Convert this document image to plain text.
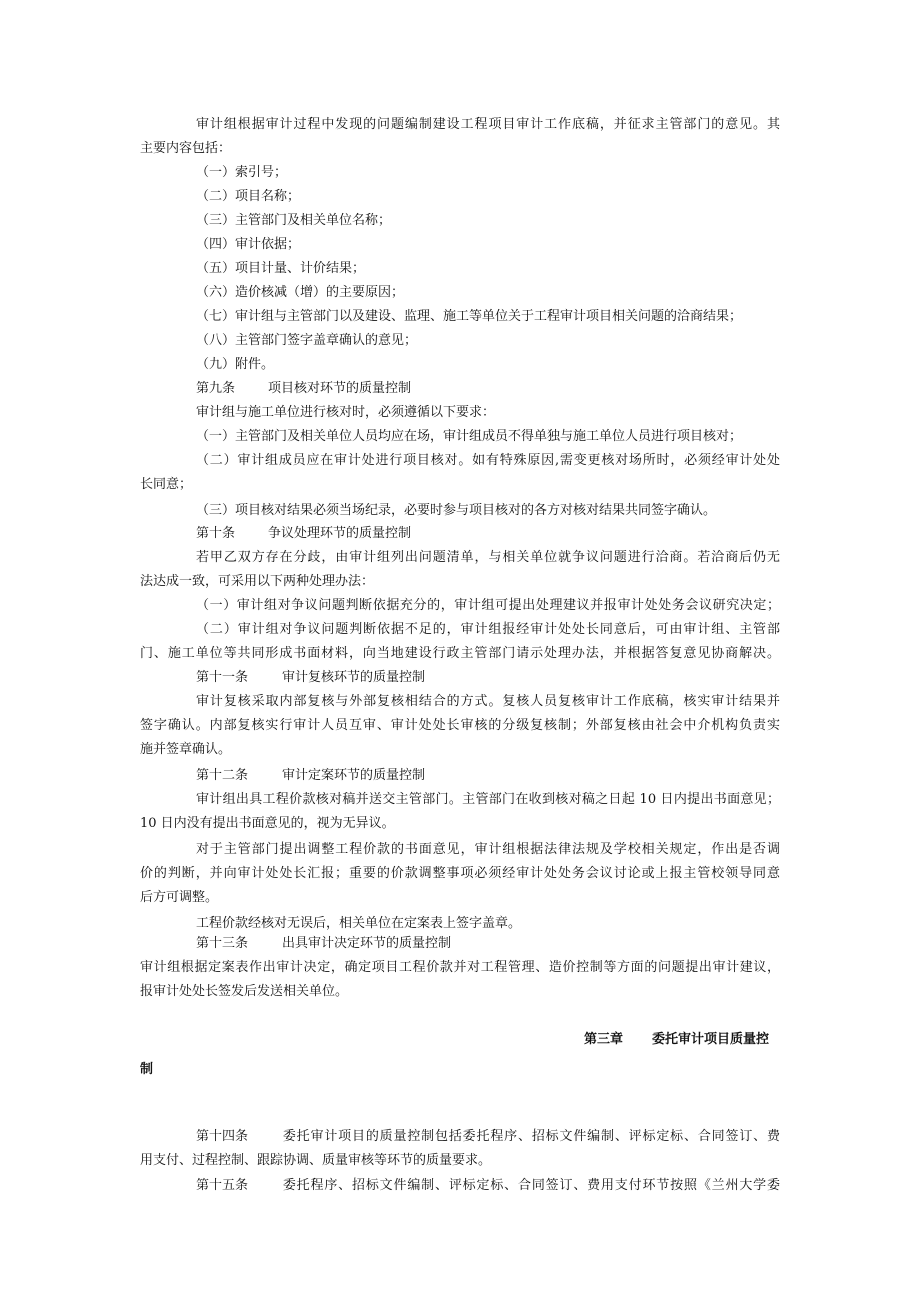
审计组根据审计过程中发现的问题编制建设工程项目审计工作底稿，并征求主管部门的意见。其
主要内容包括：
（一）索引号；
（二）项目名称；
（三）主管部门及相关单位名称；
（四）审计依据；
（五）项目计量、计价结果；
（六）造价核减（增）的主要原因；
（七）审计组与主管部门以及建设、监理、施工等单位关于工程审计项目相关问题的洽商结果；
（八）主管部门签字盖章确认的意见；
（九）附件。
第九条	项目核对环节的质量控制
审计组与施工单位进行核对时，必须遵循以下要求：
（一）主管部门及相关单位人员均应在场，审计组成员不得单独与施工单位人员进行项目核对；
（二）审计组成员应在审计处进行项目核对。如有特殊原因,需变更核对场所时，必须经审计处处
长同意；
（三）项目核对结果必须当场纪录，必要时参与项目核对的各方对核对结果共同签字确认。
第十条	争议处理环节的质量控制
若甲乙双方存在分歧，由审计组列出问题清单，与相关单位就争议问题进行洽商。若洽商后仍无
法达成一致，可采用以下两种处理办法：
（一）审计组对争议问题判断依据充分的，审计组可提出处理建议并报审计处处务会议研究决定；
（二）审计组对争议问题判断依据不足的，审计组报经审计处处长同意后，可由审计组、主管部
门、施工单位等共同形成书面材料，向当地建设行政主管部门请示处理办法，并根据答复意见协商解决。
第十一条	审计复核环节的质量控制
审计复核采取内部复核与外部复核相结合的方式。复核人员复核审计工作底稿，核实审计结果并
签字确认。内部复核实行审计人员互审、审计处处长审核的分级复核制；外部复核由社会中介机构负责实
施并签章确认。
第十二条	审计定案环节的质量控制
审计组出具工程价款核对稿并送交主管部门。主管部门在收到核对稿之日起 10 日内提出书面意见；
10 日内没有提出书面意见的，视为无异议。
对于主管部门提出调整工程价款的书面意见，审计组根据法律法规及学校相关规定，作出是否调
价的判断，并向审计处处长汇报；重要的价款调整事项必须经审计处处务会议讨论或上报主管校领导同意
后方可调整。
工程价款经核对无误后，相关单位在定案表上签字盖章。
第十三条	出具审计决定环节的质量控制
审计组根据定案表作出审计决定，确定项目工程价款并对工程管理、造价控制等方面的问题提出审计建议，
报审计处处长签发后发送相关单位。
第三章 委托审计项目质量控
制
第十四条	委托审计项目的质量控制包括委托程序、招标文件编制、评标定标、合同签订、费
用支付、过程控制、跟踪协调、质量审核等环节的质量要求。
第十五条	委托程序、招标文件编制、评标定标、合同签订、费用支付环节按照《兰州大学委
